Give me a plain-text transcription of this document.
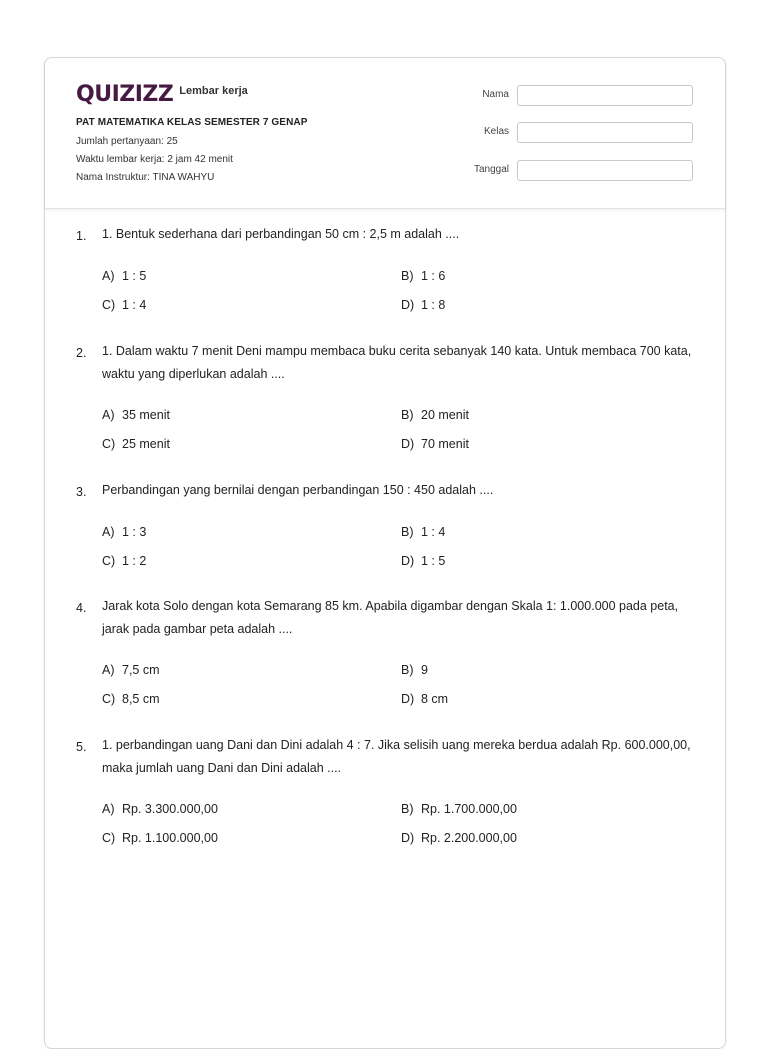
QUIZIZZ Lembar kerja
PAT MATEMATIKA KELAS SEMESTER 7 GENAP
Jumlah pertanyaan: 25
Waktu lembar kerja: 2 jam 42 menit
Nama Instruktur: TINA WAHYU
Nama
Kelas
Tanggal
1. 1. Bentuk sederhana dari perbandingan 50 cm : 2,5 m adalah ....
A) 1 : 5	B) 1 : 6
C) 1 : 4	D) 1 : 8
2. 1. Dalam waktu 7 menit Deni mampu membaca buku cerita sebanyak 140 kata. Untuk membaca 700 kata, waktu yang diperlukan adalah ....
A) 35 menit	B) 20 menit
C) 25 menit	D) 70 menit
3. Perbandingan yang bernilai dengan perbandingan 150 : 450 adalah ....
A) 1 : 3	B) 1 : 4
C) 1 : 2	D) 1 : 5
4. Jarak kota Solo dengan kota Semarang 85 km. Apabila digambar dengan Skala 1: 1.000.000 pada peta, jarak pada gambar peta adalah ....
A) 7,5 cm	B) 9
C) 8,5 cm	D) 8 cm
5. 1. perbandingan uang Dani dan Dini adalah 4 : 7. Jika selisih uang mereka berdua adalah Rp. 600.000,00, maka jumlah uang Dani dan Dini adalah ....
A) Rp. 3.300.000,00	B) Rp. 1.700.000,00
C) Rp. 1.100.000,00	D) Rp. 2.200.000,00
